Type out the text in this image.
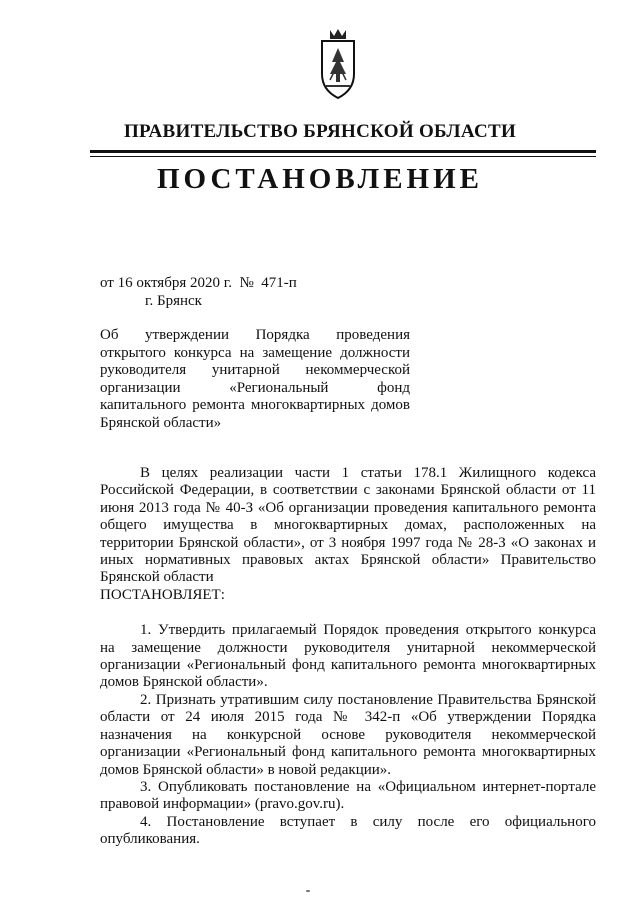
ПРАВИТЕЛЬСТВО БРЯНСКОЙ ОБЛАСТИ
ПОСТАНОВЛЕНИЕ
от 16 октября 2020 г.  №  471-п
г. Брянск

Об утверждении Порядка проведения открытого конкурса на замещение должности руководителя унитарной некоммерческой организации «Региональный фонд капитального ремонта многоквартирных домов Брянской области»

В целях реализации части 1 статьи 178.1 Жилищного кодекса Российской Федерации, в соответствии с законами Брянской области от 11 июня 2013 года № 40-З «Об организации проведения капитального ремонта общего имущества в многоквартирных домах, расположенных на территории Брянской области», от 3 ноября 1997 года № 28-З «О законах и иных нормативных правовых актах Брянской области» Правительство Брянской области

ПОСТАНОВЛЯЕТ:

1. Утвердить прилагаемый Порядок проведения открытого конкурса на замещение должности руководителя унитарной некоммерческой организации «Региональный фонд капитального ремонта многоквартирных домов Брянской области».

2. Признать утратившим силу постановление Правительства Брянской области от 24 июля 2015 года № 342-п «Об утверждении Порядка назначения на конкурсной основе руководителя некоммерческой организации «Региональный фонд капитального ремонта многоквартирных домов Брянской области» в новой редакции».

3. Опубликовать постановление на «Официальном интернет-портале правовой информации» (pravo.gov.ru).

4. Постановление вступает в силу после его официального опубликования.
